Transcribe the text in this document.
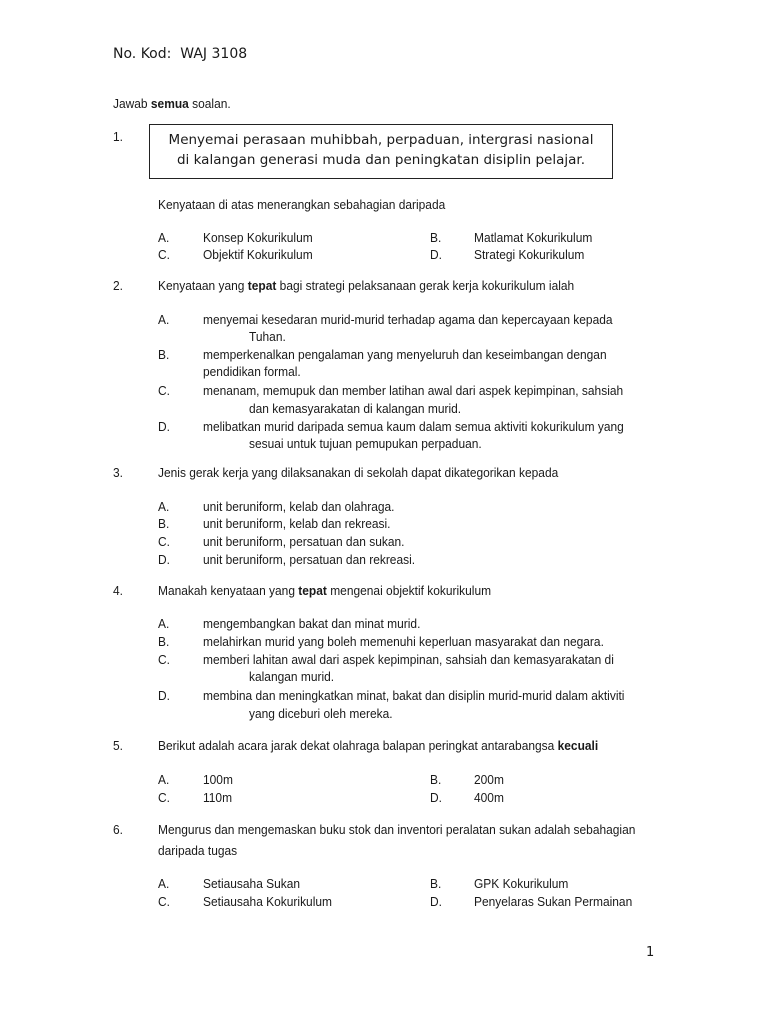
No. Kod: WAJ 3108
Jawab semua soalan.
1.	Menyemai perasaan muhibbah, perpaduan, intergrasi nasional
di kalangan generasi muda dan peningkatan disiplin pelajar.
Kenyataan di atas menerangkan sebahagian daripada
A.	Konsep Kokurikulum	B.	Matlamat Kokurikulum
C.	Objektif Kokurikulum	D. Strategi Kokurikulum
2.	Kenyataan yang tepat bagi strategi pelaksanaan gerak kerja kokurikulum ialah
A.	menyemai kesedaran murid-murid terhadap agama dan kepercayaan kepada
Tuhan.
B.	memperkenalkan pengalaman yang menyeluruh dan keseimbangan dengan
pendidikan formal.
C.	menanam, memupuk dan member latihan awal dari aspek kepimpinan, sahsiah
dan kemasyarakatan di kalangan murid.
D.	melibatkan murid daripada semua kaum dalam semua aktiviti kokurikulum yang
sesuai untuk tujuan pemupukan perpaduan.
3.	Jenis gerak kerja yang dilaksanakan di sekolah dapat dikategorikan kepada
A.	unit beruniform, kelab dan olahraga.
B.	unit beruniform, kelab dan rekreasi.
C.	unit beruniform, persatuan dan sukan.
D.	unit beruniform, persatuan dan rekreasi.
4.	Manakah kenyataan yang tepat mengenai objektif kokurikulum
A.	mengembangkan bakat dan minat murid.
B.	melahirkan murid yang boleh memenuhi keperluan masyarakat dan negara.
C.	memberi lahitan awal dari aspek kepimpinan, sahsiah dan kemasyarakatan di
kalangan murid.
D.	membina dan meningkatkan minat, bakat dan disiplin murid-murid dalam aktiviti
yang diceburi oleh mereka.
5.	Berikut adalah acara jarak dekat olahraga balapan peringkat antarabangsa kecuali
A.	100m	B.	200m
C.	110m	D. 400m
6.	Mengurus dan mengemaskan buku stok dan inventori peralatan sukan adalah sebahagian
daripada tugas
A.	Setiausaha Sukan	B.	GPK Kokurikulum
C.	Setiausaha Kokurikulum	D. Penyelaras Sukan Permainan
1
